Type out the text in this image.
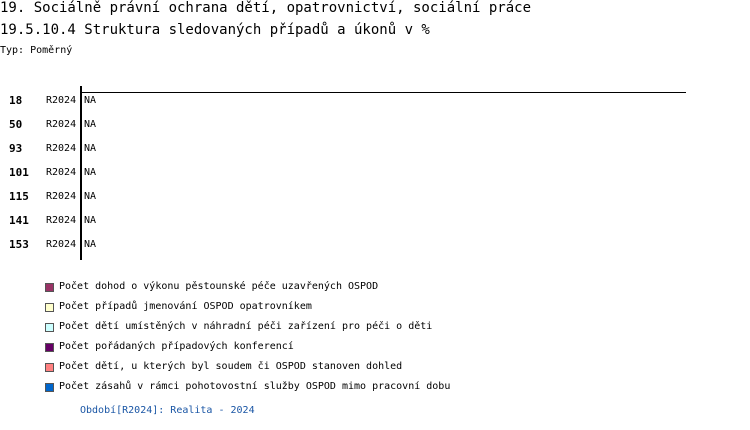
19. Sociálně právní ochrana dětí, opatrovnictví, sociální práce
19.5.10.4 Struktura sledovaných případů a úkonů v %
Typ: Poměrný
18 R2024 NA
50 R2024 NA
93 R2024 NA
101 R2024 NA
115 R2024 NA
141 R2024 NA
153 R2024 NA
Počet dohod o výkonu pěstounské péče uzavřených OSPOD
Počet případů jmenování OSPOD opatrovníkem
Počet dětí umístěných v náhradní péči zařízení pro péči o děti
Počet pořádaných případových konferencí
Počet dětí, u kterých byl soudem či OSPOD stanoven dohled
Počet zásahů v rámci pohotovostní služby OSPOD mimo pracovní dobu
Období[R2024]: Realita - 2024
